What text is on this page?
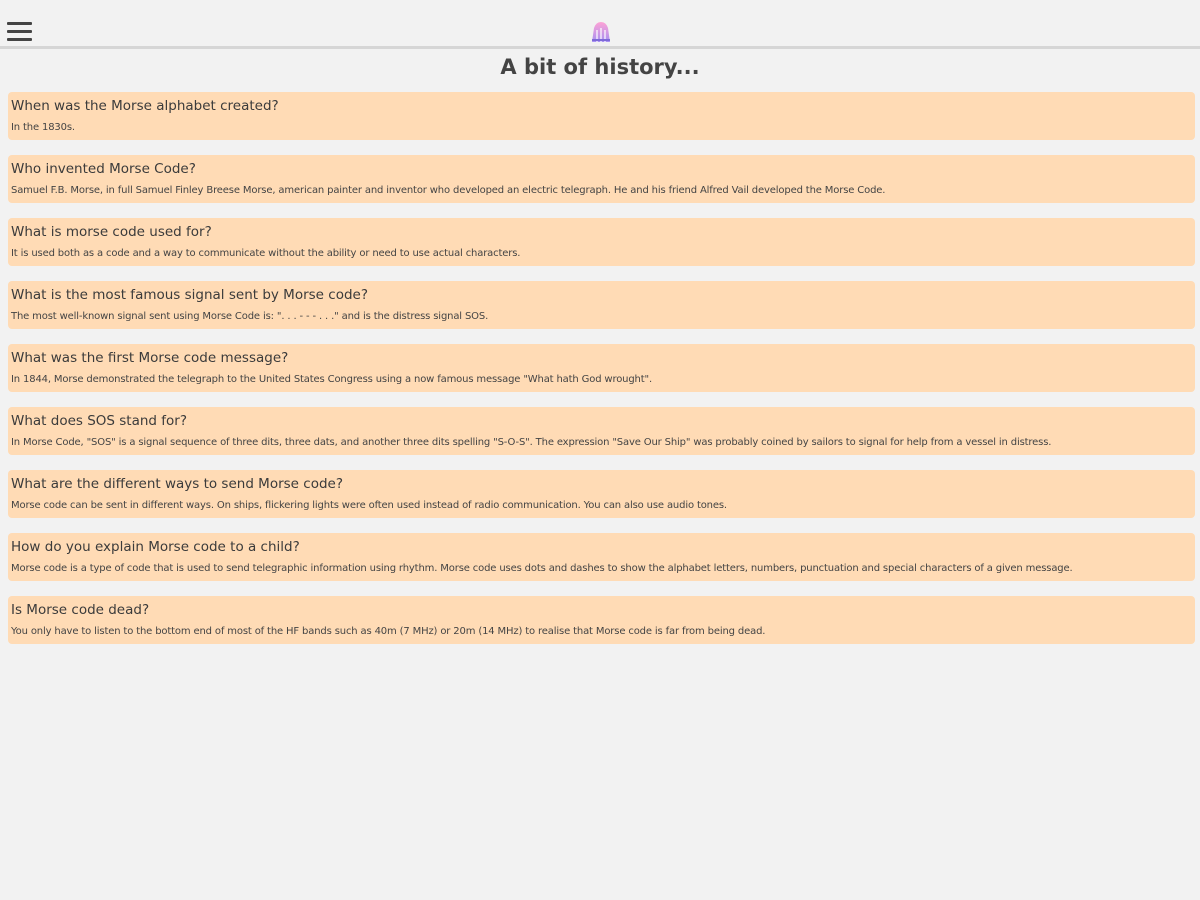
A bit of history...
When was the Morse alphabet created?
In the 1830s.
Who invented Morse Code?
Samuel F.B. Morse, in full Samuel Finley Breese Morse, american painter and inventor who developed an electric telegraph. He and his friend Alfred Vail developed the Morse Code.
What is morse code used for?
It is used both as a code and a way to communicate without the ability or need to use actual characters.
What is the most famous signal sent by Morse code?
The most well-known signal sent using Morse Code is: ". . . - - - . . ." and is the distress signal SOS.
What was the first Morse code message?
In 1844, Morse demonstrated the telegraph to the United States Congress using a now famous message "What hath God wrought".
What does SOS stand for?
In Morse Code, "SOS" is a signal sequence of three dits, three dats, and another three dits spelling "S-O-S". The expression "Save Our Ship" was probably coined by sailors to signal for help from a vessel in distress.
What are the different ways to send Morse code?
Morse code can be sent in different ways. On ships, flickering lights were often used instead of radio communication. You can also use audio tones.
How do you explain Morse code to a child?
Morse code is a type of code that is used to send telegraphic information using rhythm. Morse code uses dots and dashes to show the alphabet letters, numbers, punctuation and special characters of a given message.
Is Morse code dead?
You only have to listen to the bottom end of most of the HF bands such as 40m (7 MHz) or 20m (14 MHz) to realise that Morse code is far from being dead.
